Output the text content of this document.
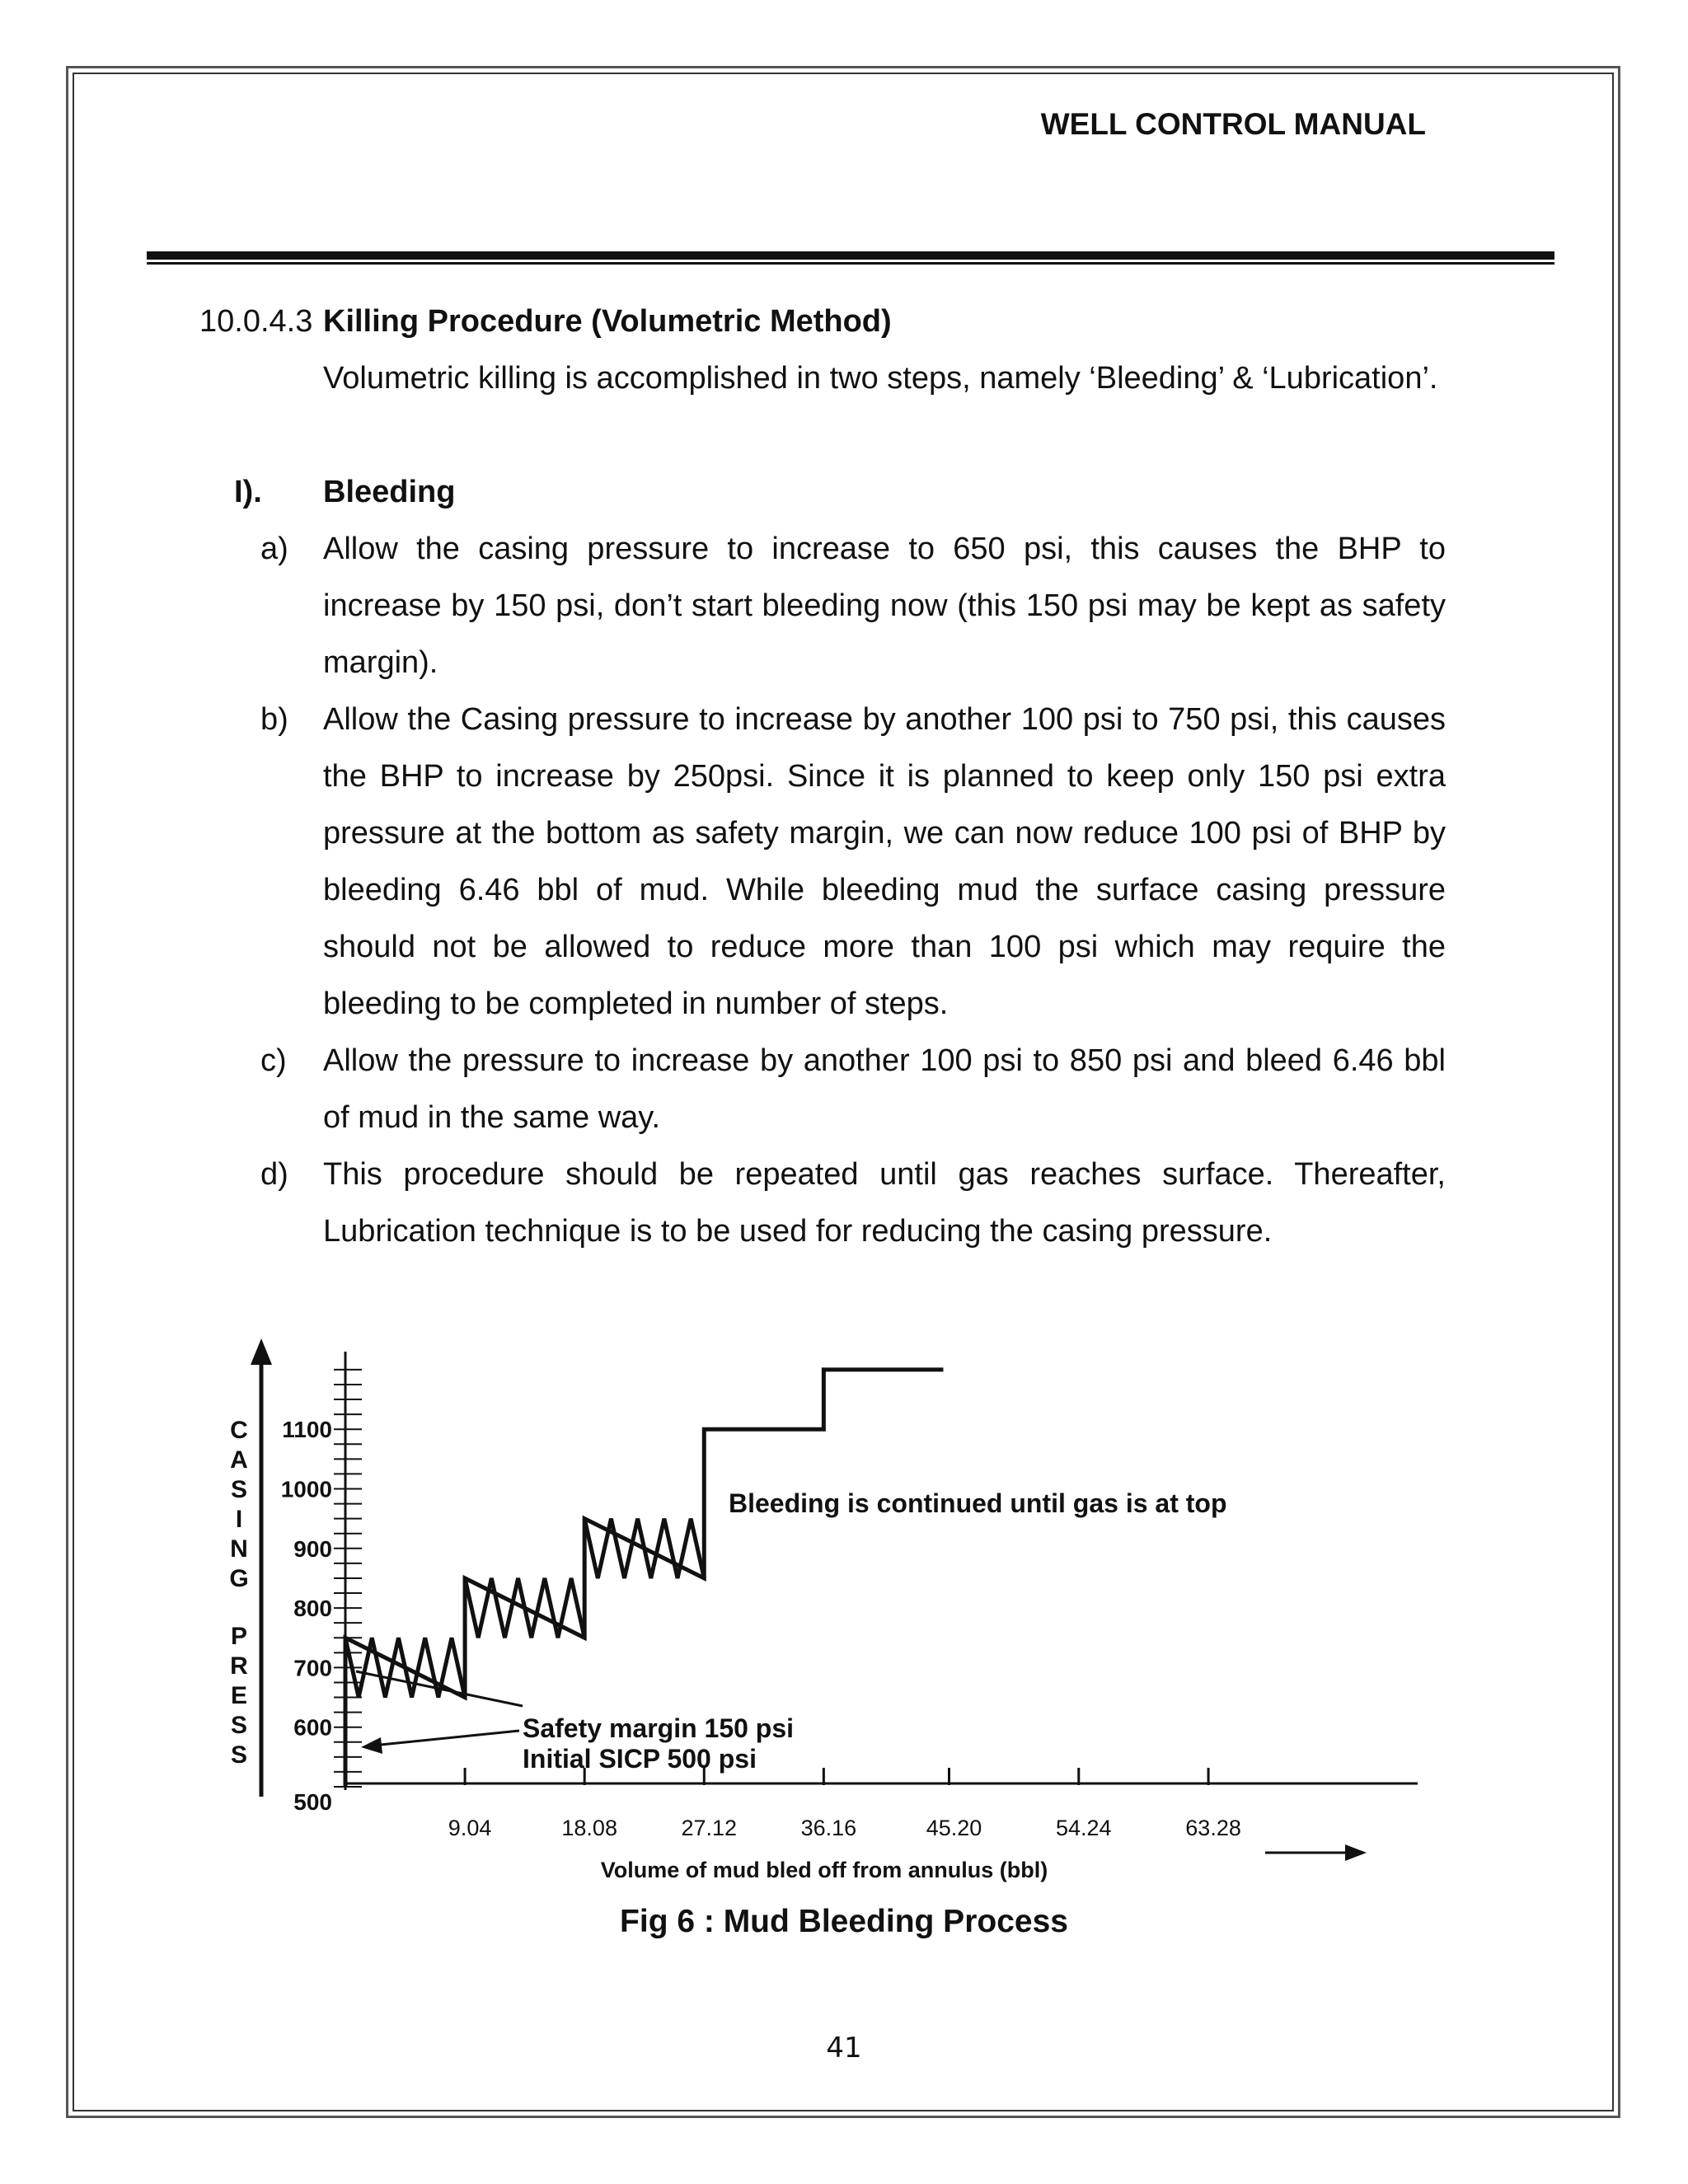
WELL CONTROL MANUAL
10.0.4.3 Killing Procedure (Volumetric Method)
Volumetric killing is accomplished in two steps, namely ‘Bleeding’ & ‘Lubrication’.
I). Bleeding
a) Allow the casing pressure to increase to 650 psi, this causes the BHP to increase by 150 psi, don’t start bleeding now (this 150 psi may be kept as safety margin).
b) Allow the Casing pressure to increase by another 100 psi to 750 psi, this causes the BHP to increase by 250psi. Since it is planned to keep only 150 psi extra pressure at the bottom as safety margin, we can now reduce 100 psi of BHP by bleeding 6.46 bbl of mud. While bleeding mud the surface casing pressure should not be allowed to reduce more than 100 psi which may require the bleeding to be completed in number of steps.
c) Allow the pressure to increase by another 100 psi to 850 psi and bleed 6.46 bbl of mud in the same way.
d) This procedure should be repeated until gas reaches surface. Thereafter, Lubrication technique is to be used for reducing the casing pressure.
C A S I N G P R E S S
1100
1000
900
800
700
600
500
9.04	18.08	27.12	36.16	45.20	54.24	63.28
Volume of mud bled off from annulus (bbl)
Bleeding is continued until gas is at top
Safety margin 150 psi
Initial SICP 500 psi
Fig 6 : Mud Bleeding Process
41
